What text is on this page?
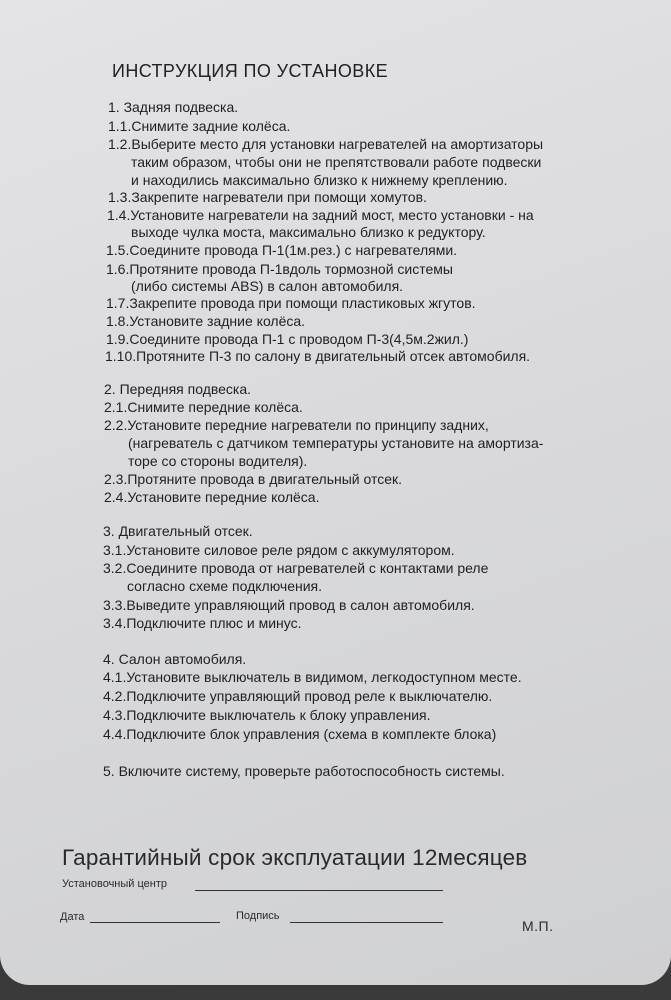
ИНСТРУКЦИЯ ПО УСТАНОВКЕ
1. Задняя подвеска.
1.1.Снимите задние колёса.
1.2.Выберите место для установки нагревателей на амортизаторы
таким образом, чтобы они не препятствовали работе подвески
и находились максимально близко к нижнему креплению.
1.3.Закрепите нагреватели при помощи хомутов.
1.4.Установите нагреватели на задний мост, место установки - на
выходе чулка моста, максимально близко к редуктору.
1.5.Соедините провода П-1(1м.рез.) с нагревателями.
1.6.Протяните провода П-1вдоль тормозной системы
(либо системы ABS) в салон автомобиля.
1.7.Закрепите провода при помощи пластиковых жгутов.
1.8.Установите задние колёса.
1.9.Соедините провода П-1 с проводом П-3(4,5м.2жил.)
1.10.Протяните П-3 по салону в двигательный отсек автомобиля.
2. Передняя подвеска.
2.1.Снимите передние колёса.
2.2.Установите передние нагреватели по принципу задних,
(нагреватель с датчиком температуры установите на амортиза-
торе со стороны водителя).
2.3.Протяните провода в двигательный отсек.
2.4.Установите передние колёса.
3. Двигательный отсек.
3.1.Установите силовое реле рядом с аккумулятором.
3.2.Соедините провода от нагревателей с контактами реле
согласно схеме подключения.
3.3.Выведите управляющий провод в салон автомобиля.
3.4.Подключите плюс и минус.
4. Салон автомобиля.
4.1.Установите выключатель в видимом, легкодоступном месте.
4.2.Подключите управляющий провод реле к выключателю.
4.3.Подключите выключатель к блоку управления.
4.4.Подключите блок управления (схема в комплекте блока)
5. Включите систему, проверьте работоспособность системы.
Гарантийный срок эксплуатации 12месяцев
Установочный центр
Дата	Подпись
М.П.
